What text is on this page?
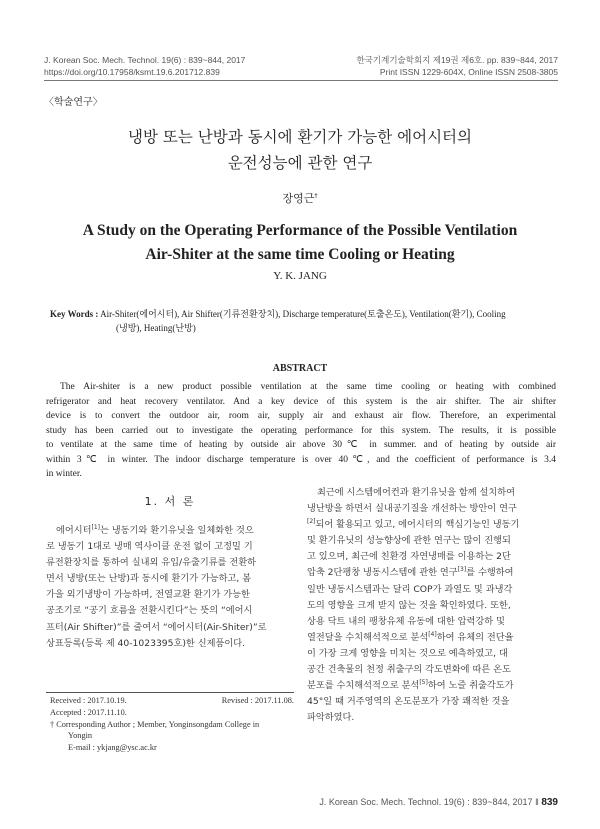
J. Korean Soc. Mech. Technol. 19(6) : 839~844, 2017
https://doi.org/10.17958/ksmt.19.6.201712.839
한국기계기술학회지 제19권 제6호. pp. 839~844, 2017
Print ISSN 1229-604X, Online ISSN 2508-3805
〈학술연구〉
냉방 또는 난방과 동시에 환기가 가능한 에어시터의
운전성능에 관한 연구
장영근†
A Study on the Operating Performance of the Possible Ventilation
Air-Shiter at the same time Cooling or Heating
Y. K. JANG
Key Words : Air-Shiter(에어시터), Air Shifter(기류전환장치), Discharge temperature(토출온도), Ventilation(환기), Cooling
(냉방), Heating(난방)
ABSTRACT
The Air-shiter is a new product possible ventilation at the same time cooling or heating with combined
refrigerator and heat recovery ventilator. And a key device of this system is the air shifter. The air shifter
device is to convert the outdoor air, room air, supply air and exhaust air flow. Therefore, an experimental
study has been carried out to investigate the operating performance for this system. The results, it is possible
to ventilate at the same time of heating by outside air above 30℃ in summer. and of heating by outside air
within 3℃ in winter. The indoor discharge temperature is over 40℃, and the coefficient of performance is 3.4
in winter.
1. 서 론
에어시터[1]는 냉동기와 환기유닛을 일체화한 것으
로 냉동기 1대로 냉매 역사이클 운전 없이 고정밀 기
류전환장치를 통하여 실내외 유입/유출기류를 전환하
면서 냉방(또는 난방)과 동시에 환기가 가능하고, 봄
가을 외기냉방이 가능하며, 전열교환 환기가 가능한
공조기로 “공기 흐름을 전환시킨다”는 뜻의 “에어시
프터(Air Shifter)”를 줄여서 “에어시터(Air-Shiter)”로
상표등록(등록 제 40-1023395호)한 신제품이다.
최근에 시스템에어컨과 환기유닛을 함께 설치하여
냉난방을 하면서 실내공기질을 개선하는 방안이 연구
[2]되어 활용되고 있고, 에어시터의 핵심기능인 냉동기
및 환기유닛의 성능향상에 관한 연구는 많이 진행되
고 있으며, 최근에 친환경 자연냉매를 이용하는 2단
압축 2단팽창 냉동시스템에 관한 연구[3]를 수행하여
일반 냉동시스템과는 달리 COP가 과열도 및 과냉각
도의 영향을 크게 받지 않는 것을 확인하였다. 또한,
상용 닥트 내의 팽창유체 유동에 대한 압력강하 및
열전달을 수치해석적으로 분석[4]하여 유체의 전단율
이 가장 크게 영향을 미치는 것으로 예측하였고, 대
공간 건축물의 천정 취출구의 각도변화에 따른 온도
분포를 수치해석적으로 분석[5]하여 노즐 취출각도가
45°일 때 거주영역의 온도분포가 가장 쾌적한 것을
파악하였다.
Received : 2017.10.19.	Revised : 2017.11.08.
Accepted : 2017.11.10.
† Corresponding Author ; Member, Yonginsongdam College in
Yongin
E-mail : ykjang@ysc.ac.kr
J. Korean Soc. Mech. Technol. 19(6) : 839~844, 2017 ‖ 839
